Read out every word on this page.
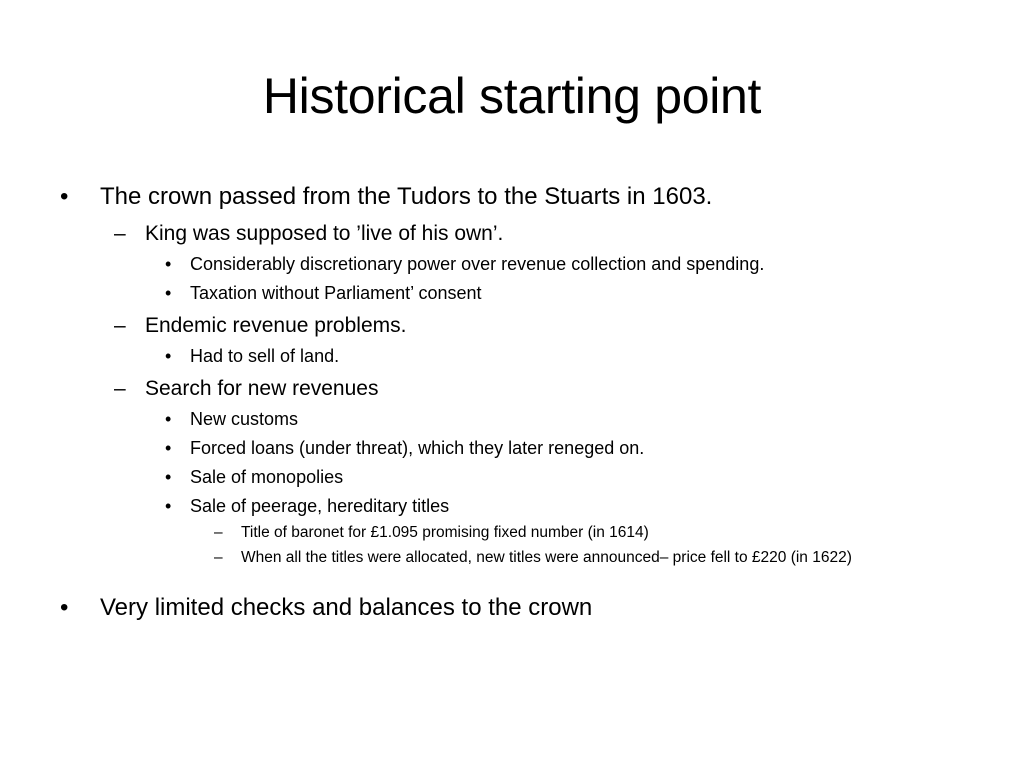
Historical starting point
• The crown passed from the Tudors to the Stuarts in 1603.
– King was supposed to ’live of his own’.
• Considerably discretionary power over revenue collection and spending.
• Taxation without Parliament’ consent
– Endemic revenue problems.
• Had to sell of land.
– Search for new revenues
• New customs
• Forced loans (under threat), which they later reneged on.
• Sale of monopolies
• Sale of peerage, hereditary titles
– Title of baronet for £1.095 promising fixed number (in 1614)
– When all the titles were allocated, new titles were announced– price fell to £220 (in 1622)
• Very limited checks and balances to the crown
